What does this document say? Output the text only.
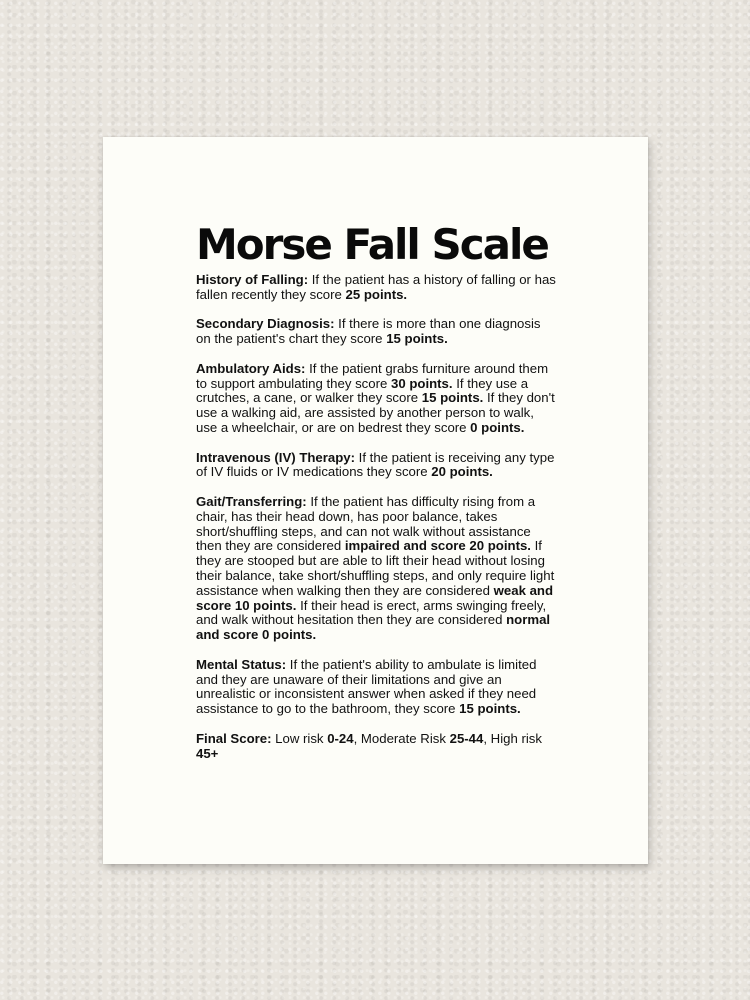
Morse Fall Scale

History of Falling: If the patient has a history of falling or has fallen recently they score 25 points.

Secondary Diagnosis: If there is more than one diagnosis on the patient's chart they score 15 points.

Ambulatory Aids: If the patient grabs furniture around them to support ambulating they score 30 points. If they use a crutches, a cane, or walker they score 15 points. If they don't use a walking aid, are assisted by another person to walk, use a wheelchair, or are on bedrest they score 0 points.

Intravenous (IV) Therapy: If the patient is receiving any type of IV fluids or IV medications they score 20 points.

Gait/Transferring: If the patient has difficulty rising from a chair, has their head down, has poor balance, takes short/shuffling steps, and can not walk without assistance then they are considered impaired and score 20 points. If they are stooped but are able to lift their head without losing their balance, take short/shuffling steps, and only require light assistance when walking then they are considered weak and score 10 points. If their head is erect, arms swinging freely, and walk without hesitation then they are considered normal and score 0 points.

Mental Status: If the patient's ability to ambulate is limited and they are unaware of their limitations and give an unrealistic or inconsistent answer when asked if they need assistance to go to the bathroom, they score 15 points.

Final Score: Low risk 0-24, Moderate Risk 25-44, High risk 45+
